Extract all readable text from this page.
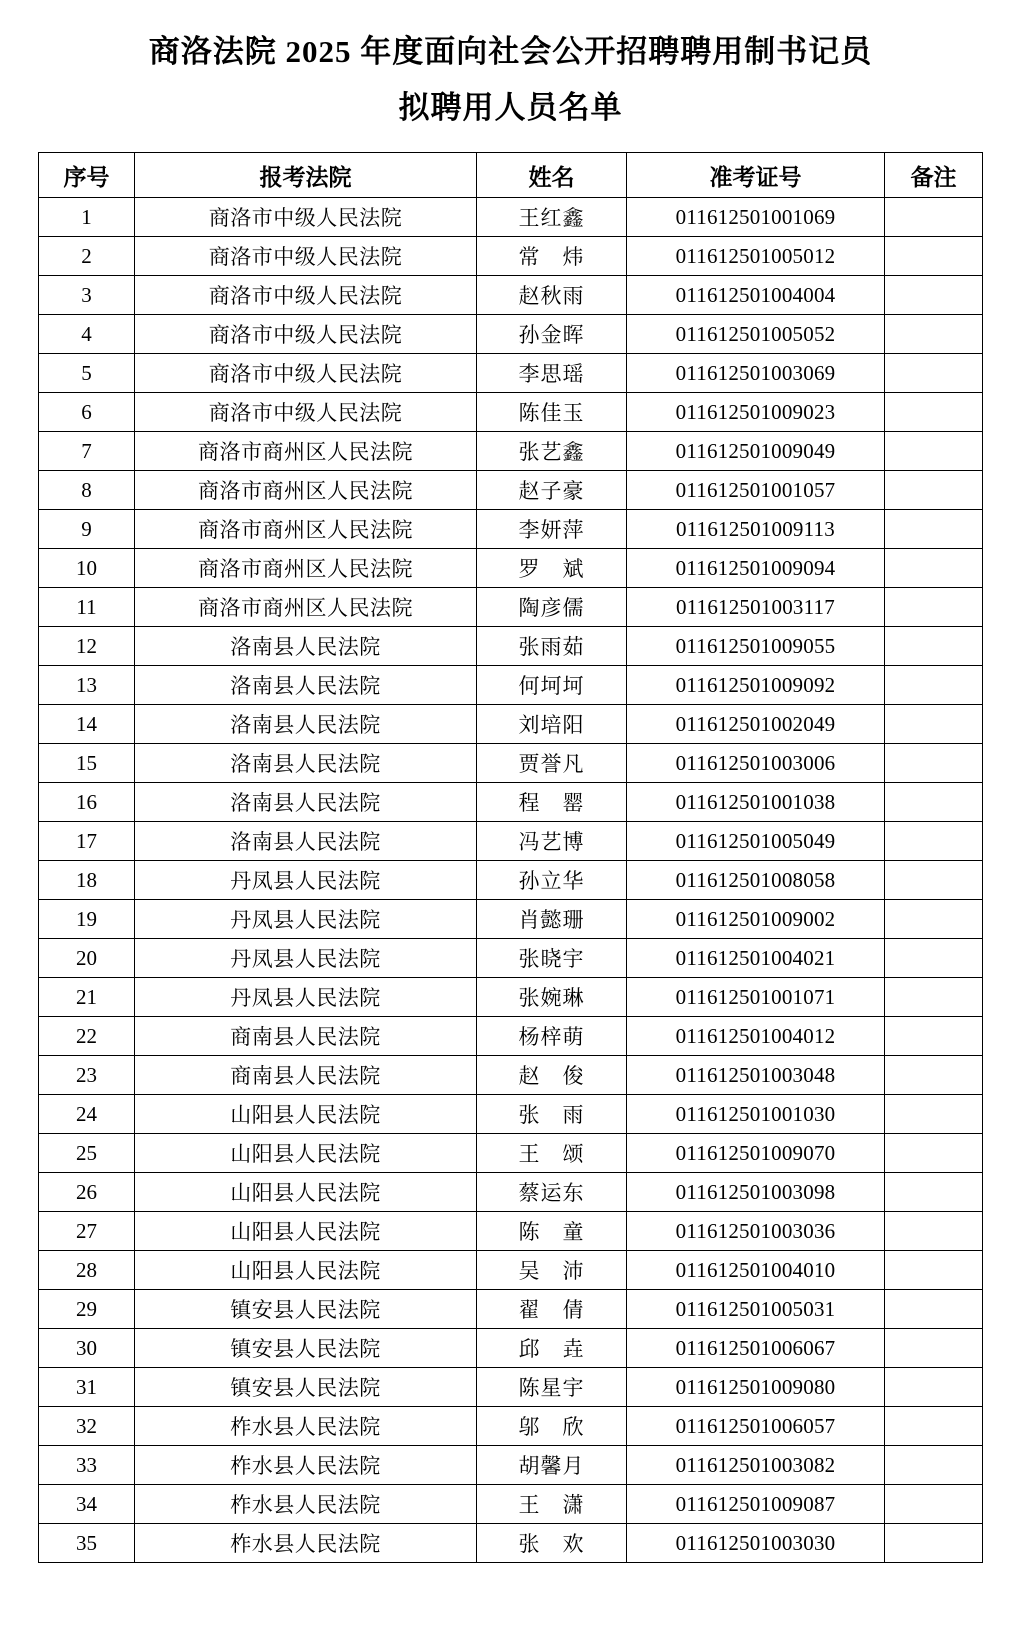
商洛法院 2025 年度面向社会公开招聘聘用制书记员
拟聘用人员名单
序号	报考法院	姓名	准考证号	备注
1	商洛市中级人民法院	王红鑫	011612501001069	
2	商洛市中级人民法院	常　炜	011612501005012	
3	商洛市中级人民法院	赵秋雨	011612501004004	
4	商洛市中级人民法院	孙金晖	011612501005052	
5	商洛市中级人民法院	李思瑶	011612501003069	
6	商洛市中级人民法院	陈佳玉	011612501009023	
7	商洛市商州区人民法院	张艺鑫	011612501009049	
8	商洛市商州区人民法院	赵子豪	011612501001057	
9	商洛市商州区人民法院	李妍萍	011612501009113	
10	商洛市商州区人民法院	罗　斌	011612501009094	
11	商洛市商州区人民法院	陶彦儒	011612501003117	
12	洛南县人民法院	张雨茹	011612501009055	
13	洛南县人民法院	何坷坷	011612501009092	
14	洛南县人民法院	刘培阳	011612501002049	
15	洛南县人民法院	贾誉凡	011612501003006	
16	洛南县人民法院	程　罂	011612501001038	
17	洛南县人民法院	冯艺博	011612501005049	
18	丹凤县人民法院	孙立华	011612501008058	
19	丹凤县人民法院	肖懿珊	011612501009002	
20	丹凤县人民法院	张晓宇	011612501004021	
21	丹凤县人民法院	张婉琳	011612501001071	
22	商南县人民法院	杨梓萌	011612501004012	
23	商南县人民法院	赵　俊	011612501003048	
24	山阳县人民法院	张　雨	011612501001030	
25	山阳县人民法院	王　颂	011612501009070	
26	山阳县人民法院	蔡运东	011612501003098	
27	山阳县人民法院	陈　童	011612501003036	
28	山阳县人民法院	吴　沛	011612501004010	
29	镇安县人民法院	翟　倩	011612501005031	
30	镇安县人民法院	邱　垚	011612501006067	
31	镇安县人民法院	陈星宇	011612501009080	
32	柞水县人民法院	邬　欣	011612501006057	
33	柞水县人民法院	胡馨月	011612501003082	
34	柞水县人民法院	王　潇	011612501009087	
35	柞水县人民法院	张　欢	011612501003030	
